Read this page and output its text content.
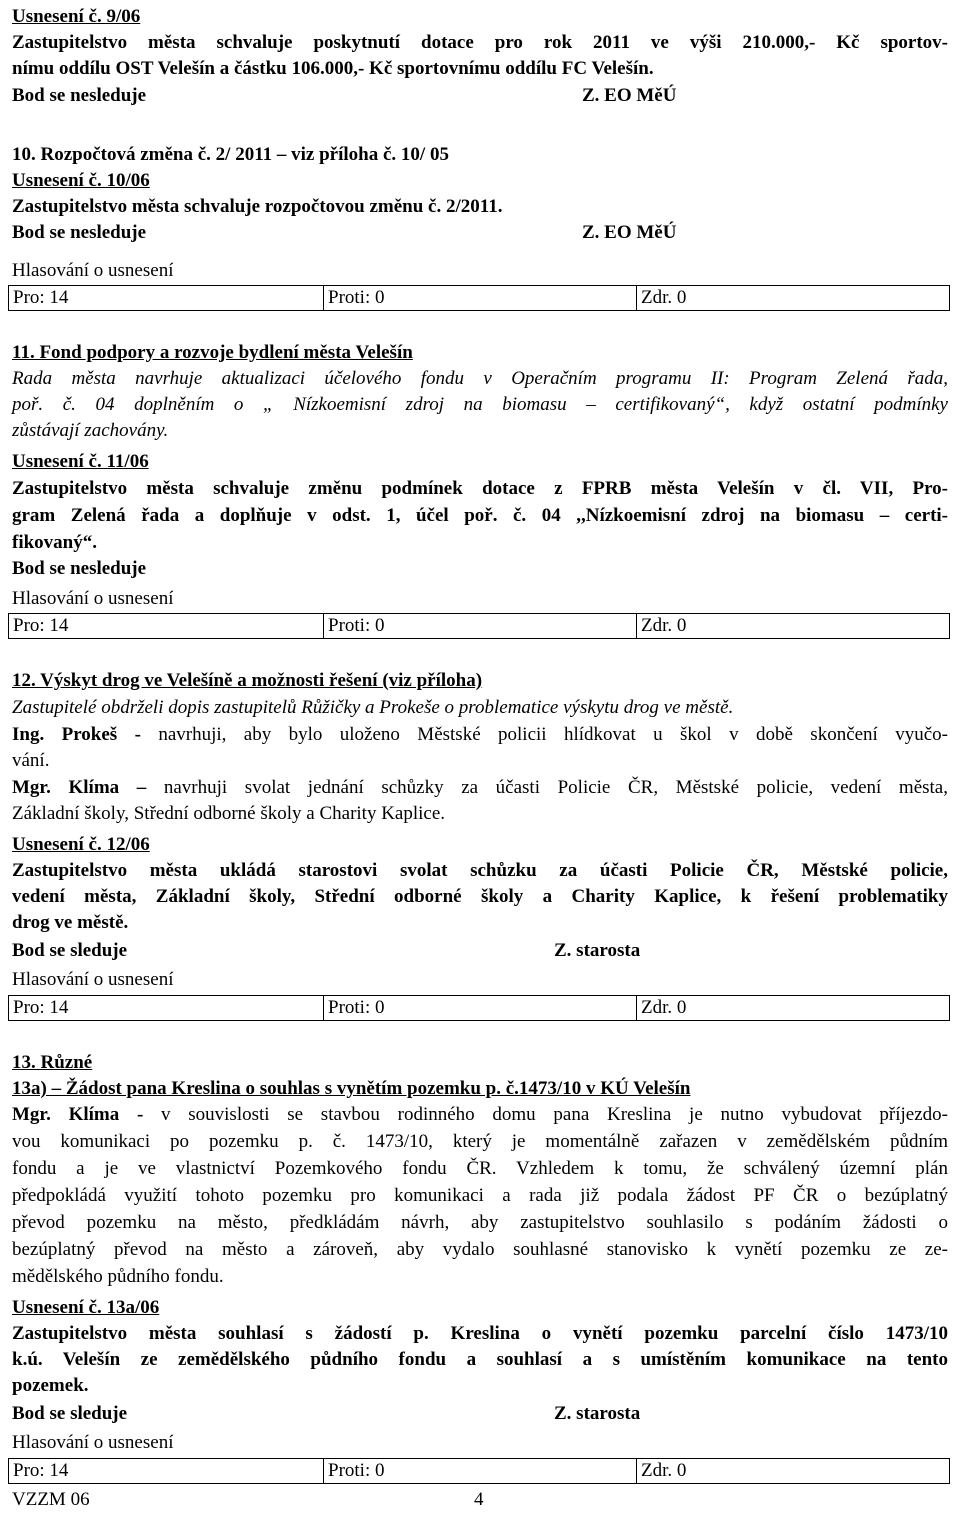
Usnesení č. 9/06
Zastupitelstvo města schvaluje poskytnutí dotace pro rok 2011 ve výši 210.000,- Kč sportov-
nímu oddílu OST Velešín a částku 106.000,- Kč sportovnímu oddílu FC Velešín.
Bod se nesleduje	Z. EO MěÚ
10. Rozpočtová změna č. 2/ 2011 – viz příloha č. 10/ 05
Usnesení č. 10/06
Zastupitelstvo města schvaluje rozpočtovou změnu č. 2/2011.
Bod se nesleduje	Z. EO MěÚ
Hlasování o usnesení
Pro: 14	Proti: 0	Zdr. 0
11. Fond podpory a rozvoje bydlení města Velešín
Rada města navrhuje aktualizaci účelového fondu v Operačním programu II: Program Zelená řada,
poř. č. 04 doplněním o „ Nízkoemisní zdroj na biomasu – certifikovaný“, když ostatní podmínky
zůstávají zachovány.
Usnesení č. 11/06
Zastupitelstvo města schvaluje změnu podmínek dotace z FPRB města Velešín v čl. VII, Pro-
gram Zelená řada a doplňuje v odst. 1, účel poř. č. 04 ,,Nízkoemisní zdroj na biomasu – certi-
fikovaný“.
Bod se nesleduje
Hlasování o usnesení
Pro: 14	Proti: 0	Zdr. 0
12. Výskyt drog ve Velešíně a možnosti řešení (viz příloha)
Zastupitelé obdrželi dopis zastupitelů Růžičky a Prokeše o problematice výskytu drog ve městě.
Ing. Prokeš - navrhuji, aby bylo uloženo Městské policii hlídkovat u škol v době skončení vyučo-
vání.
Mgr. Klíma – navrhuji svolat jednání schůzky za účasti Policie ČR, Městské policie, vedení města,
Základní školy, Střední odborné školy a Charity Kaplice.
Usnesení č. 12/06
Zastupitelstvo města ukládá starostovi svolat schůzku za účasti Policie ČR, Městské policie,
vedení města, Základní školy, Střední odborné školy a Charity Kaplice, k řešení problematiky
drog ve městě.
Bod se sleduje	Z. starosta
Hlasování o usnesení
Pro: 14	Proti: 0	Zdr. 0
13. Různé
13a) – Žádost pana Kreslina o souhlas s vynětím pozemku p. č.1473/10 v KÚ Velešín
Mgr. Klíma - v souvislosti se stavbou rodinného domu pana Kreslina je nutno vybudovat příjezdo-
vou komunikaci po pozemku p. č. 1473/10, který je momentálně zařazen v zemědělském půdním
fondu a je ve vlastnictví Pozemkového fondu ČR. Vzhledem k tomu, že schválený územní plán
předpokládá využití tohoto pozemku pro komunikaci a rada již podala žádost PF ČR o bezúplatný
převod pozemku na město, předkládám návrh, aby zastupitelstvo souhlasilo s podáním žádosti o
bezúplatný převod na město a zároveň, aby vydalo souhlasné stanovisko k vynětí pozemku ze ze-
mědělského půdního fondu.
Usnesení č. 13a/06
Zastupitelstvo města souhlasí s žádostí p. Kreslina o vynětí pozemku parcelní číslo 1473/10
k.ú. Velešín ze zemědělského půdního fondu a souhlasí a s umístěním komunikace na tento
pozemek.
Bod se sleduje	Z. starosta
Hlasování o usnesení
Pro: 14	Proti: 0	Zdr. 0
VZZM 06	4
